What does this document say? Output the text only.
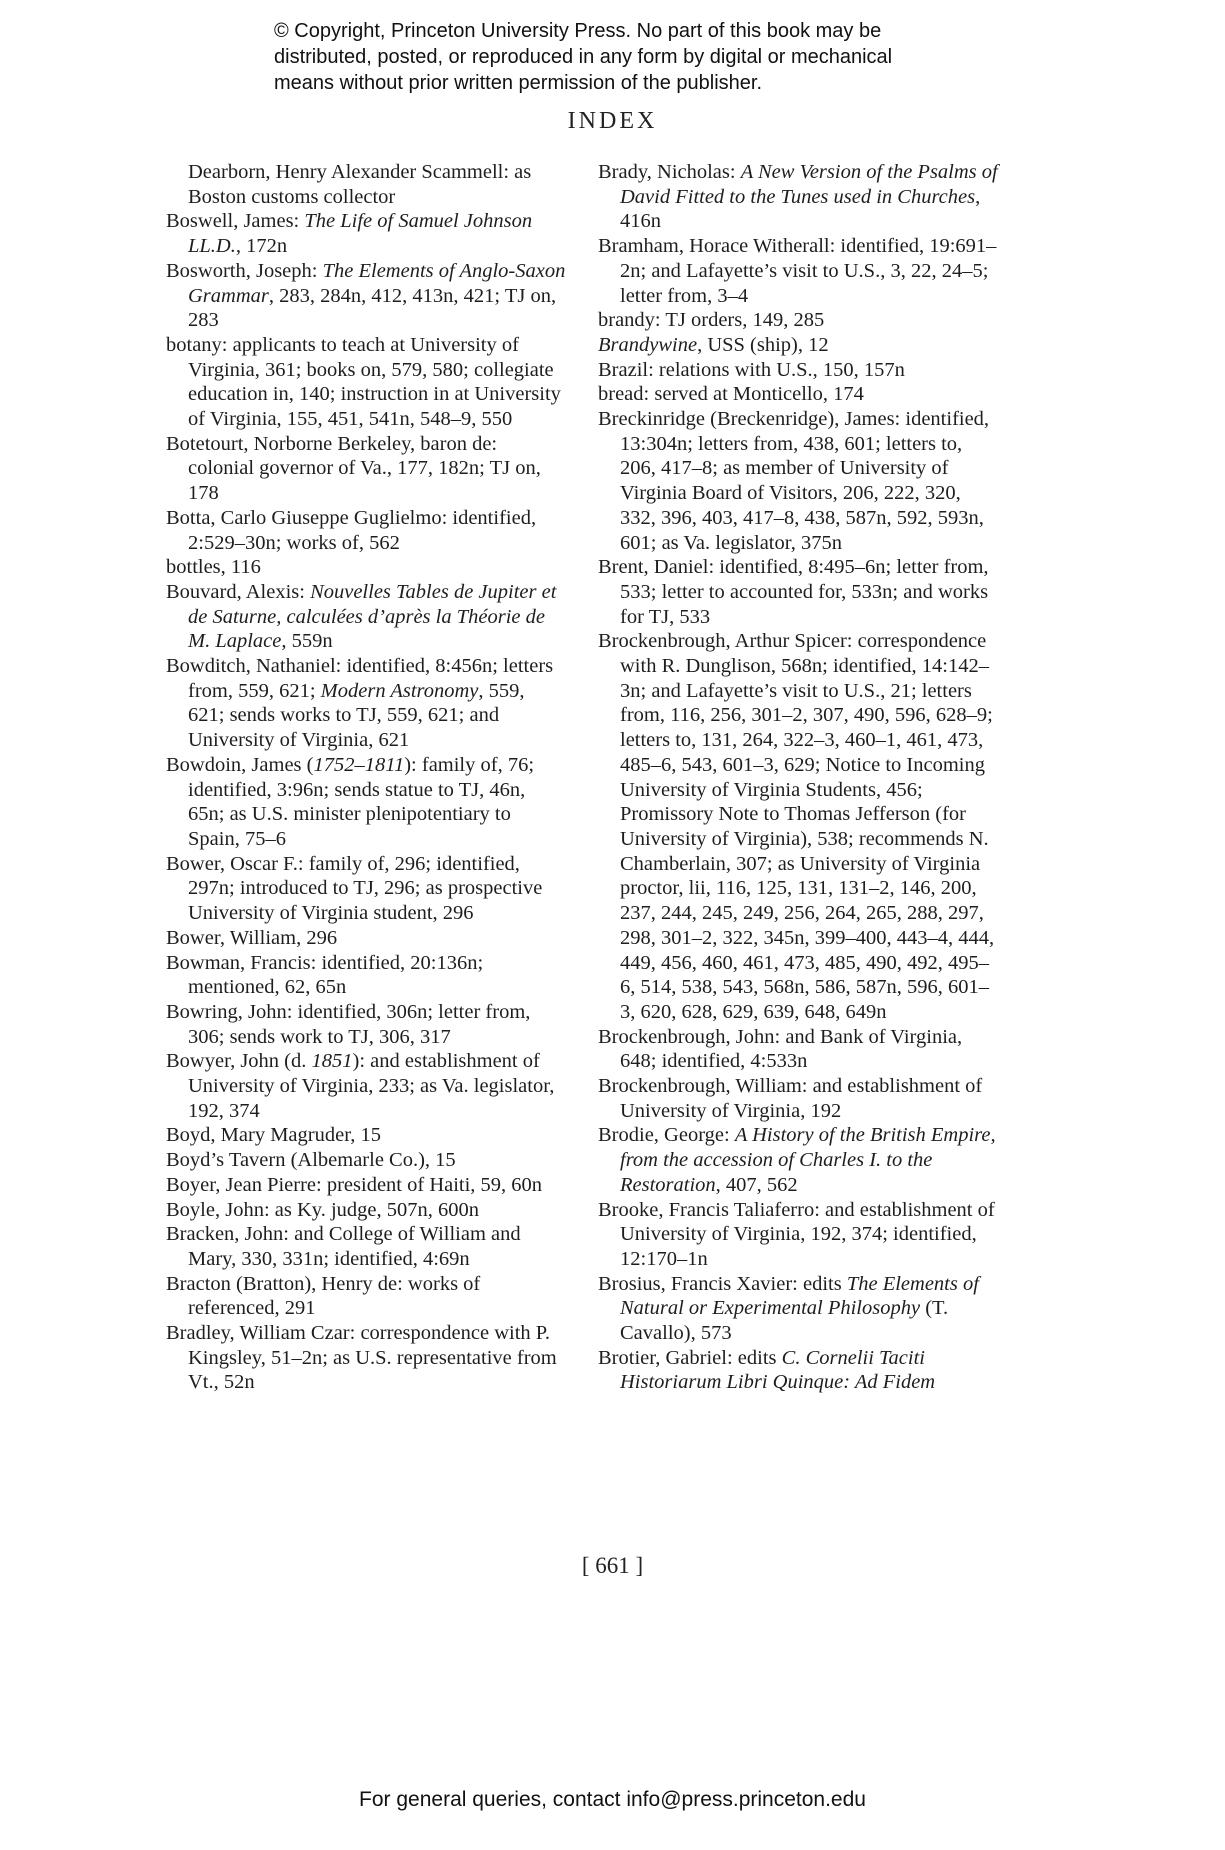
© Copyright, Princeton University Press. No part of this book may be
distributed, posted, or reproduced in any form by digital or mechanical
means without prior written permission of the publisher.
INDEX

Dearborn, Henry Alexander Scammell: as Boston customs collector

Boswell, James: The Life of Samuel Johnson LL.D., 172n

Bosworth, Joseph: The Elements of Anglo-Saxon Grammar, 283, 284n, 412, 413n, 421; TJ on, 283

botany: applicants to teach at University of Virginia, 361; books on, 579, 580; collegiate education in, 140; instruction in at University of Virginia, 155, 451, 541n, 548–9, 550

Botetourt, Norborne Berkeley, baron de: colonial governor of Va., 177, 182n; TJ on, 178

Botta, Carlo Giuseppe Guglielmo: identified, 2:529–30n; works of, 562

bottles, 116

Bouvard, Alexis: Nouvelles Tables de Jupiter et de Saturne, calculées d’après la Théorie de M. Laplace, 559n

Bowditch, Nathaniel: identified, 8:456n; letters from, 559, 621; Modern Astronomy, 559, 621; sends works to TJ, 559, 621; and University of Virginia, 621

Bowdoin, James (1752–1811): family of, 76; identified, 3:96n; sends statue to TJ, 46n, 65n; as U.S. minister plenipotentiary to Spain, 75–6

Bower, Oscar F.: family of, 296; identified, 297n; introduced to TJ, 296; as prospective University of Virginia student, 296

Bower, William, 296

Bowman, Francis: identified, 20:136n; mentioned, 62, 65n

Bowring, John: identified, 306n; letter from, 306; sends work to TJ, 306, 317

Bowyer, John (d. 1851): and establishment of University of Virginia, 233; as Va. legislator, 192, 374

Boyd, Mary Magruder, 15

Boyd’s Tavern (Albemarle Co.), 15

Boyer, Jean Pierre: president of Haiti, 59, 60n

Boyle, John: as Ky. judge, 507n, 600n

Bracken, John: and College of William and Mary, 330, 331n; identified, 4:69n

Bracton (Bratton), Henry de: works of referenced, 291

Bradley, William Czar: correspondence with P. Kingsley, 51–2n; as U.S. representative from Vt., 52n

Brady, Nicholas: A New Version of the Psalms of David Fitted to the Tunes used in Churches, 416n

Bramham, Horace Witherall: identified, 19:691–2n; and Lafayette’s visit to U.S., 3, 22, 24–5; letter from, 3–4

brandy: TJ orders, 149, 285

Brandywine, USS (ship), 12

Brazil: relations with U.S., 150, 157n

bread: served at Monticello, 174

Breckinridge (Breckenridge), James: identified, 13:304n; letters from, 438, 601; letters to, 206, 417–8; as member of University of Virginia Board of Visitors, 206, 222, 320, 332, 396, 403, 417–8, 438, 587n, 592, 593n, 601; as Va. legislator, 375n

Brent, Daniel: identified, 8:495–6n; letter from, 533; letter to accounted for, 533n; and works for TJ, 533

Brockenbrough, Arthur Spicer: correspondence with R. Dunglison, 568n; identified, 14:142–3n; and Lafayette’s visit to U.S., 21; letters from, 116, 256, 301–2, 307, 490, 596, 628–9; letters to, 131, 264, 322–3, 460–1, 461, 473, 485–6, 543, 601–3, 629; Notice to Incoming University of Virginia Students, 456; Promissory Note to Thomas Jefferson (for University of Virginia), 538; recommends N. Chamberlain, 307; as University of Virginia proctor, lii, 116, 125, 131, 131–2, 146, 200, 237, 244, 245, 249, 256, 264, 265, 288, 297, 298, 301–2, 322, 345n, 399–400, 443–4, 444, 449, 456, 460, 461, 473, 485, 490, 492, 495–6, 514, 538, 543, 568n, 586, 587n, 596, 601–3, 620, 628, 629, 639, 648, 649n

Brockenbrough, John: and Bank of Virginia, 648; identified, 4:533n

Brockenbrough, William: and establishment of University of Virginia, 192

Brodie, George: A History of the British Empire, from the accession of Charles I. to the Restoration, 407, 562

Brooke, Francis Taliaferro: and establishment of University of Virginia, 192, 374; identified, 12:170–1n

Brosius, Francis Xavier: edits The Elements of Natural or Experimental Philosophy (T. Cavallo), 573

Brotier, Gabriel: edits C. Cornelii Taciti Historiarum Libri Quinque: Ad Fidem

[ 661 ]
For general queries, contact info@press.princeton.edu
